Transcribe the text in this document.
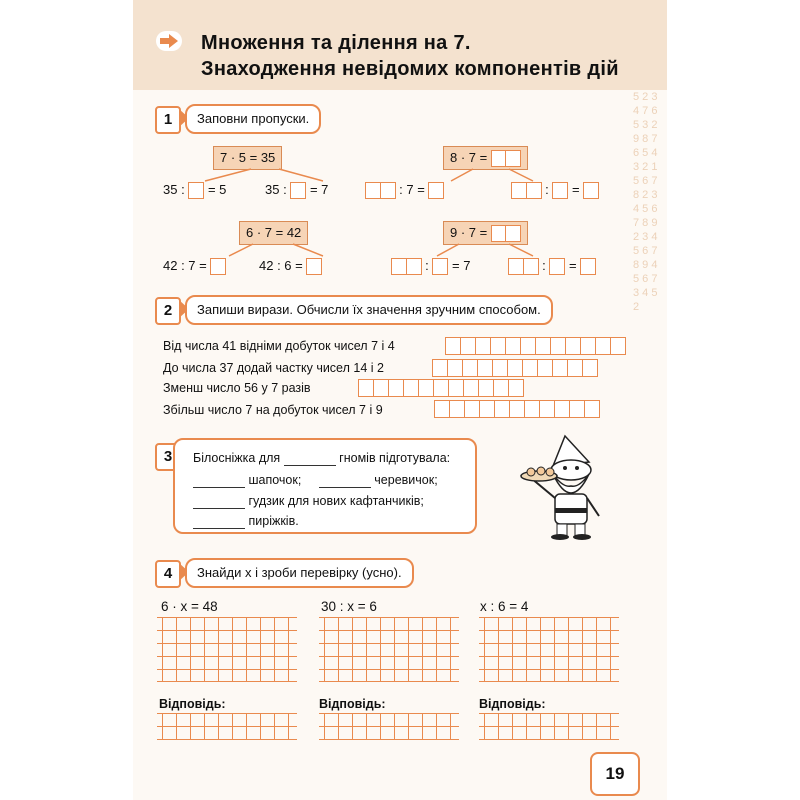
5 2 3 4 7 6 5 3 2 9 8 7 6 5 4 3 2 1 5 6 7 8 2 3 4 5 6 7 8 9 2 3 4 5 6 7 8 9 4 5 6 7 3 4 5 2
Множення та ділення на 7.
Знаходження невідомих компонентів дій
1	Заповни пропуски.
7 · 5 = 35
35 : = 5	35 : = 7
8 · 7 =
: 7 =	: =
6 · 7 = 42
42 : 7 =	42 : 6 =
9 · 7 =
: = 7	: =
2	Запиши вирази. Обчисли їх значення зручним способом.
Від числа 41 відніми добуток чисел 7 і 4
До числа 37 додай частку чисел 14 і 2
Зменш число 56 у 7 разів
Збільш число 7 на добуток чисел 7 і 9
3	Білосніжка для	гномів підготувала:
шапочок;	черевичок;
гудзик для нових кафтанчиків;
пиріжків.
4	Знайди x і зроби перевірку (усно).
6 · x = 48	30 : x = 6	x : 6 = 4
Відповідь:	Відповідь:	Відповідь:
19
